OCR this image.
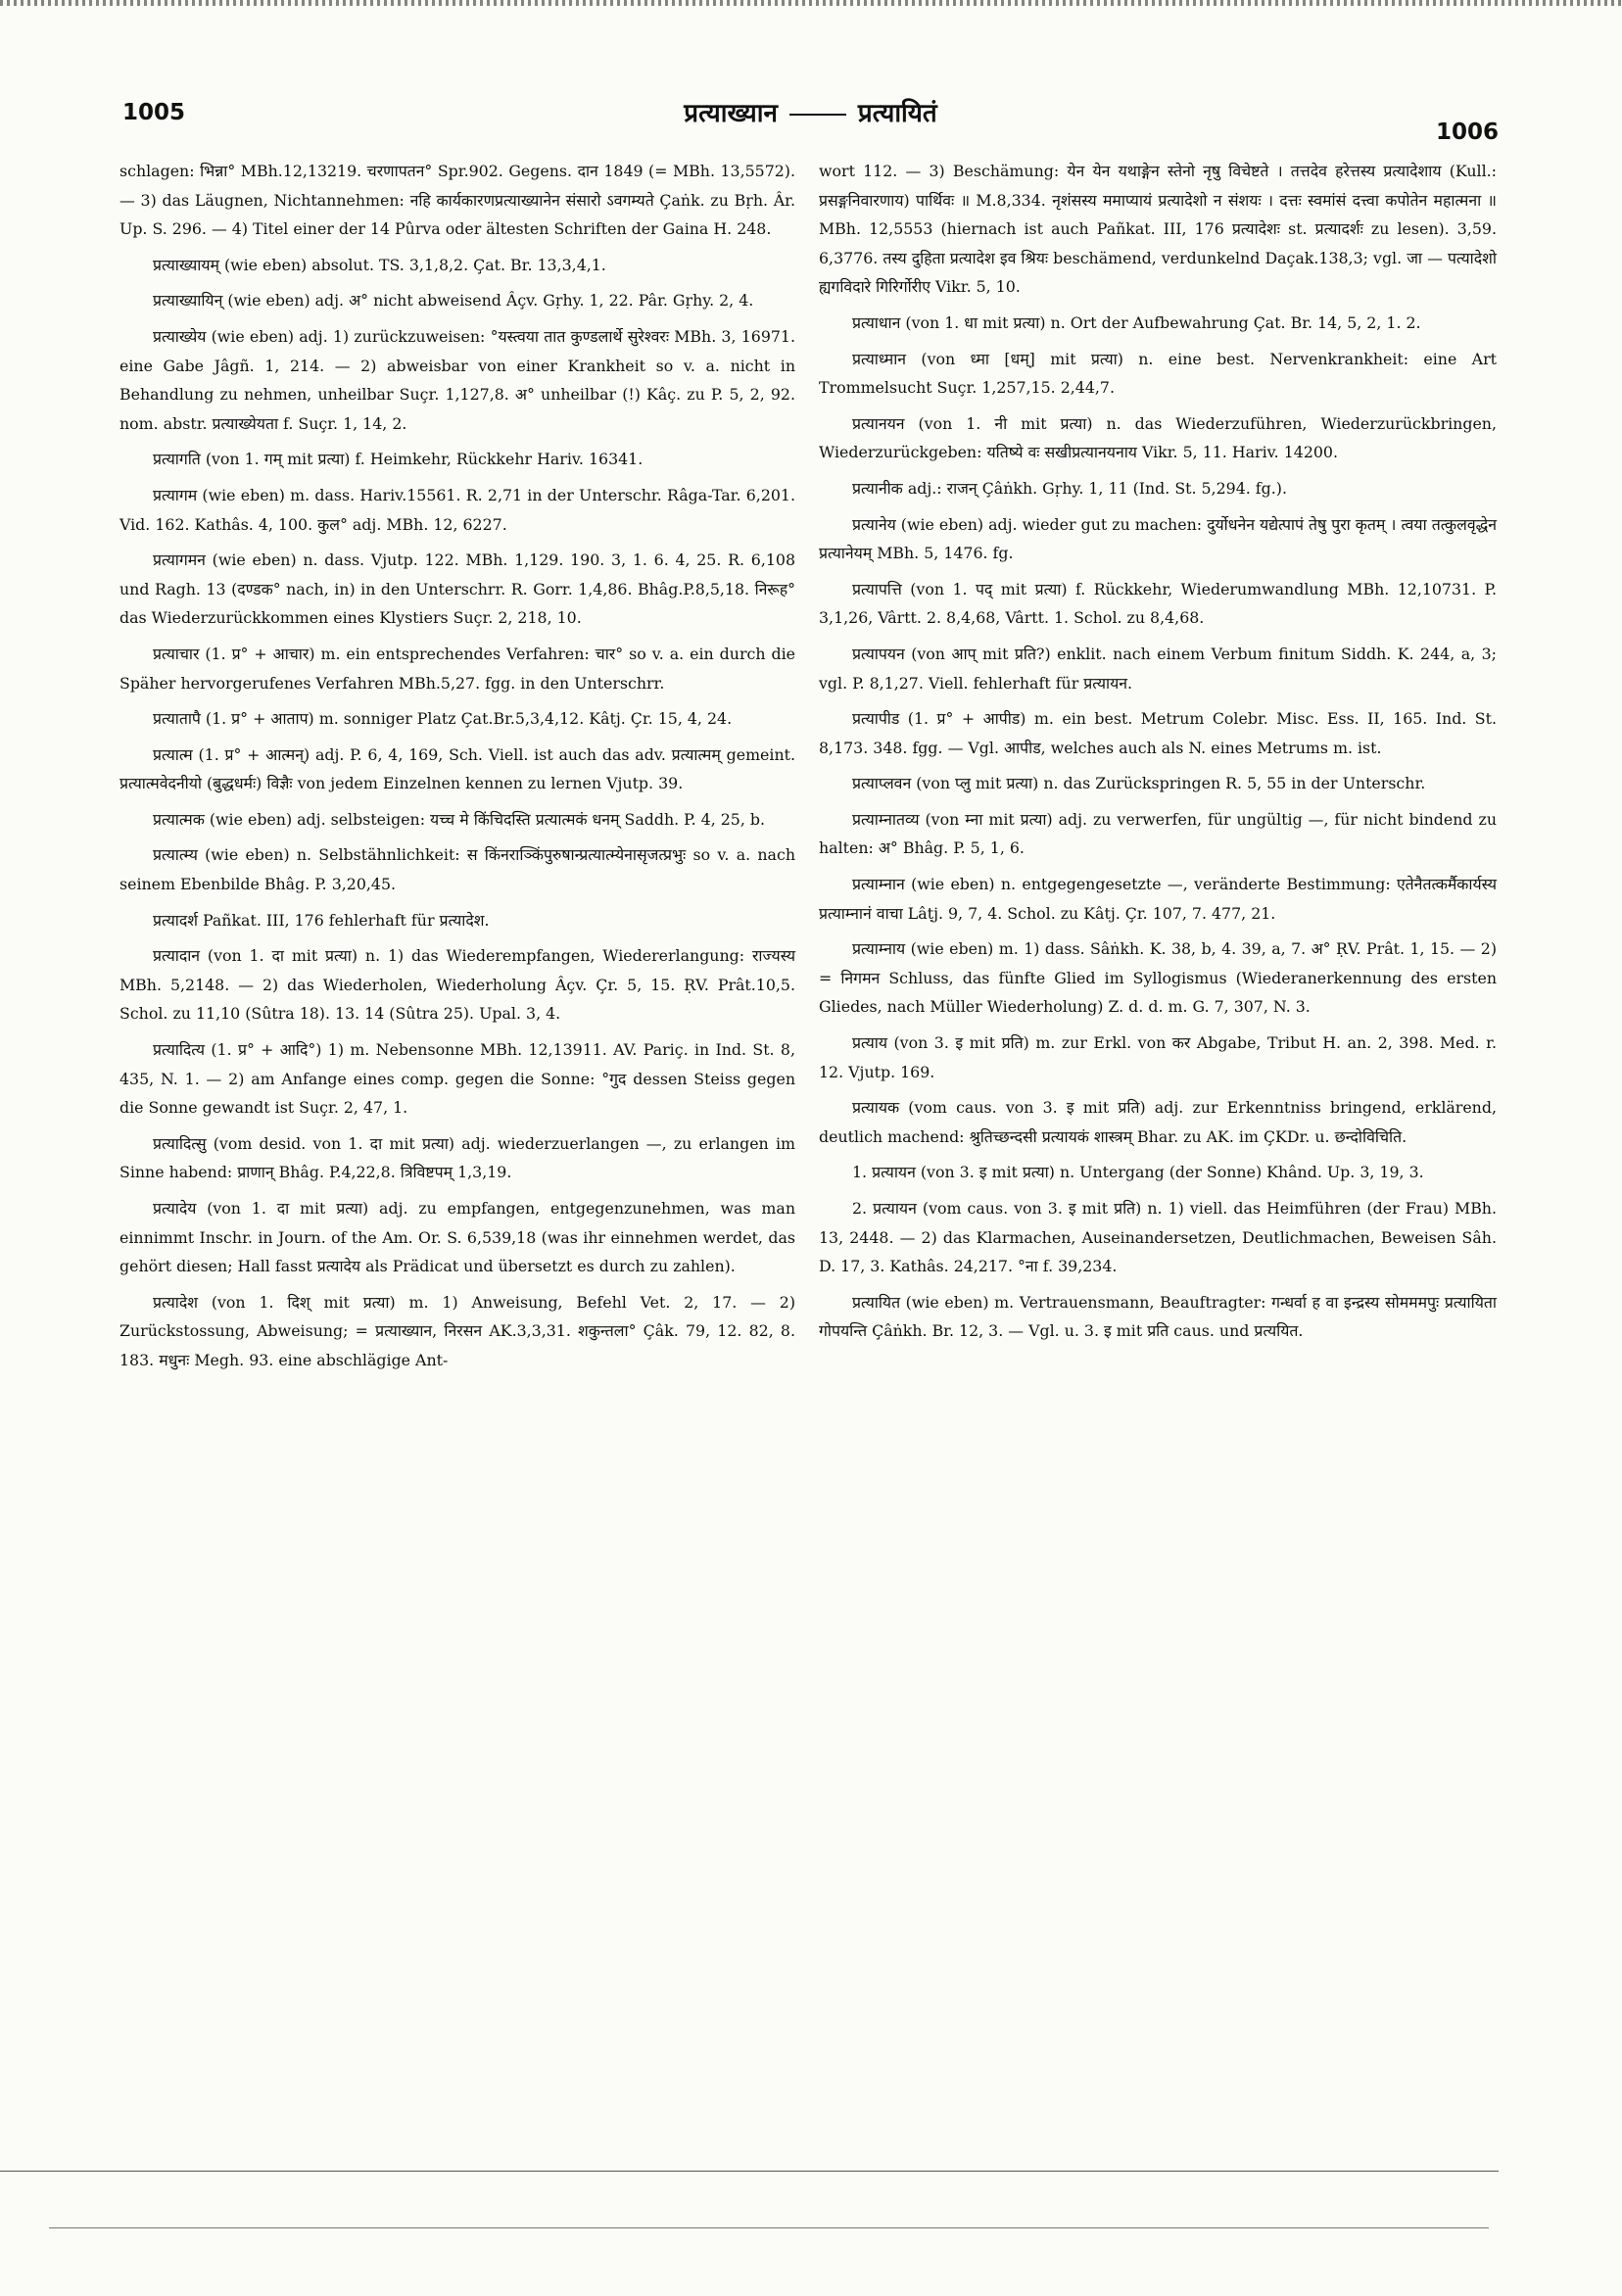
1005	प्रत्याख्यान	प्रत्यायितं
1006

schlagen: भिन्ना° MBh.12,13219. चरणापतन° Spr.902. Gegens. दान 1849 (= MBh. 13,5572). — 3) das Läugnen, Nichtannehmen: नहि कार्यकारणप्रत्याख्यानेन संसारो ऽवगम्यते Çaṅk. zu Bṛh. Âr. Up. S. 296. — 4) Titel einer der 14 Pûrva oder ältesten Schriften der Gaina H. 248.

प्रत्याख्यायम् (wie eben) absolut. TS. 3,1,8,2. Çat. Br. 13,3,4,1.

प्रत्याख्यायिन् (wie eben) adj. अ° nicht abweisend Âçv. Gṛhy. 1, 22. Pâr. Gṛhy. 2, 4.

प्रत्याख्येय (wie eben) adj. 1) zurückzuweisen: °यस्त्वया तात कुण्डलार्थे सुरेश्वरः MBh. 3, 16971. eine Gabe Jâgñ. 1, 214. — 2) abweisbar von einer Krankheit so v. a. nicht in Behandlung zu nehmen, unheilbar Suçr. 1,127,8. अ° unheilbar (!) Kâç. zu P. 5, 2, 92. nom. abstr. प्रत्याख्येयता f. Suçr. 1, 14, 2.

प्रत्यागति (von 1. गम् mit प्रत्या) f. Heimkehr, Rückkehr Hariv. 16341.

प्रत्यागम (wie eben) m. dass. Hariv.15561. R. 2,71 in der Unterschr. Râga-Tar. 6,201. Vid. 162. Kathâs. 4, 100. कुल° adj. MBh. 12, 6227.

प्रत्यागमन (wie eben) n. dass. Vjutp. 122. MBh. 1,129. 190. 3, 1. 6. 4, 25. R. 6,108 und Ragh. 13 (दण्डक° nach, in) in den Unterschrr. R. Gorr. 1,4,86. Bhâg.P.8,5,18. निरूह° das Wiederzurückkommen eines Klystiers Suçr. 2, 218, 10.

प्रत्याचार (1. प्र° + आचार) m. ein entsprechendes Verfahren: चार° so v. a. ein durch die Späher hervorgerufenes Verfahren MBh.5,27. fgg. in den Unterschrr.

प्रत्यातापै (1. प्र° + आताप) m. sonniger Platz Çat.Br.5,3,4,12. Kâtj. Çr. 15, 4, 24.

प्रत्यात्म (1. प्र° + आत्मन्) adj. P. 6, 4, 169, Sch. Viell. ist auch das adv. प्रत्यात्मम् gemeint. प्रत्यात्मवेदनीयो (बुद्धधर्मः) विज्ञैः von jedem Einzelnen kennen zu lernen Vjutp. 39.

प्रत्यात्मक (wie eben) adj. selbsteigen: यच्च मे किंचिदस्ति प्रत्यात्मकं धनम् Saddh. P. 4, 25, b.

प्रत्यात्म्य (wie eben) n. Selbstähnlichkeit: स किंनराञ्किंपुरुषान्प्रत्यात्म्येनासृजत्प्रभुः so v. a. nach seinem Ebenbilde Bhâg. P. 3,20,45.

प्रत्यादर्श Pañkat. III, 176 fehlerhaft für प्रत्यादेश.

प्रत्यादान (von 1. दा mit प्रत्या) n. 1) das Wiederempfangen, Wiedererlangung: राज्यस्य MBh. 5,2148. — 2) das Wiederholen, Wiederholung Âçv. Çr. 5, 15. ṚV. Prât.10,5. Schol. zu 11,10 (Sûtra 18). 13. 14 (Sûtra 25). Upal. 3, 4.

प्रत्यादित्य (1. प्र° + आदि°) 1) m. Nebensonne MBh. 12,13911. AV. Pariç. in Ind. St. 8, 435, N. 1. — 2) am Anfange eines comp. gegen die Sonne: °गुद dessen Steiss gegen die Sonne gewandt ist Suçr. 2, 47, 1.

प्रत्यादित्सु (vom desid. von 1. दा mit प्रत्या) adj. wiederzuerlangen —, zu erlangen im Sinne habend: प्राणान् Bhâg. P.4,22,8. त्रिविष्टपम् 1,3,19.

प्रत्यादेय (von 1. दा mit प्रत्या) adj. zu empfangen, entgegenzunehmen, was man einnimmt Inschr. in Journ. of the Am. Or. S. 6,539,18 (was ihr einnehmen werdet, das gehört diesen; Hall fasst प्रत्यादेय als Prädicat und übersetzt es durch zu zahlen).

प्रत्यादेश (von 1. दिश् mit प्रत्या) m. 1) Anweisung, Befehl Vet. 2, 17. — 2) Zurückstossung, Abweisung; = प्रत्याख्यान, निरसन AK.3,3,31. शकुन्तला° Çâk. 79, 12. 82, 8. 183. मधुनः Megh. 93. eine abschlägige Ant-

wort 112. — 3) Beschämung: येन येन यथाङ्गेन स्तेनो नृषु विचेष्टते । तत्तदेव हरेत्तस्य प्रत्यादेशाय (Kull.: प्रसङ्गनिवारणाय) पार्थिवः ॥ M.8,334. नृशंसस्य ममाप्यायं प्रत्यादेशो न संशयः । दत्तः स्वमांसं दत्त्वा कपोतेन महात्मना ॥ MBh. 12,5553 (hiernach ist auch Pañkat. III, 176 प्रत्यादेशः st. प्रत्यादर्शः zu lesen). 3,59. 6,3776. तस्य दुहिता प्रत्यादेश इव श्रियः beschämend, verdunkelnd Daçak.138,3; vgl. जा — पत्यादेशो ह्यगविदारे गिरिर्गोरीए Vikr. 5, 10.

प्रत्याधान (von 1. धा mit प्रत्या) n. Ort der Aufbewahrung Çat. Br. 14, 5, 2, 1. 2.

प्रत्याध्मान (von ध्मा [धम्] mit प्रत्या) n. eine best. Nervenkrankheit: eine Art Trommelsucht Suçr. 1,257,15. 2,44,7.

प्रत्यानयन (von 1. नी mit प्रत्या) n. das Wiederzuführen, Wiederzurückbringen, Wiederzurückgeben: यतिष्ये वः सखीप्रत्यानयनाय Vikr. 5, 11. Hariv. 14200.

प्रत्यानीक adj.: राजन् Çâṅkh. Gṛhy. 1, 11 (Ind. St. 5,294. fg.).

प्रत्यानेय (wie eben) adj. wieder gut zu machen: दुर्योधनेन यद्येत्पापं तेषु पुरा कृतम् । त्वया तत्कुलवृद्धेन प्रत्यानेयम् MBh. 5, 1476. fg.

प्रत्यापत्ति (von 1. पद् mit प्रत्या) f. Rückkehr, Wiederumwandlung MBh. 12,10731. P. 3,1,26, Vârtt. 2. 8,4,68, Vârtt. 1. Schol. zu 8,4,68.

प्रत्यापयन (von आप् mit प्रति?) enklit. nach einem Verbum finitum Siddh. K. 244, a, 3; vgl. P. 8,1,27. Viell. fehlerhaft für प्रत्यायन.

प्रत्यापीड (1. प्र° + आपीड) m. ein best. Metrum Colebr. Misc. Ess. II, 165. Ind. St. 8,173. 348. fgg. — Vgl. आपीड, welches auch als N. eines Metrums m. ist.

प्रत्याप्लवन (von प्लु mit प्रत्या) n. das Zurückspringen R. 5, 55 in der Unterschr.

प्रत्याम्नातव्य (von म्ना mit प्रत्या) adj. zu verwerfen, für ungültig —, für nicht bindend zu halten: अ° Bhâg. P. 5, 1, 6.

प्रत्याम्नान (wie eben) n. entgegengesetzte —, veränderte Bestimmung: एतेनैतत्कर्मैकार्यस्य प्रत्याम्नानं वाचा Lâṭj. 9, 7, 4. Schol. zu Kâtj. Çr. 107, 7. 477, 21.

प्रत्याम्नाय (wie eben) m. 1) dass. Sâṅkh. K. 38, b, 4. 39, a, 7. अ° ṚV. Prât. 1, 15. — 2) = निगमन Schluss, das fünfte Glied im Syllogismus (Wiederanerkennung des ersten Gliedes, nach Müller Wiederholung) Z. d. d. m. G. 7, 307, N. 3.

प्रत्याय (von 3. इ mit प्रति) m. zur Erkl. von कर Abgabe, Tribut H. an. 2, 398. Med. r. 12. Vjutp. 169.

प्रत्यायक (vom caus. von 3. इ mit प्रति) adj. zur Erkenntniss bringend, erklärend, deutlich machend: श्रुतिच्छन्दसी प्रत्यायकं शास्त्रम् Bhar. zu AK. im ÇKDr. u. छन्दोविचिति.

1. प्रत्यायन (von 3. इ mit प्रत्या) n. Untergang (der Sonne) Khând. Up. 3, 19, 3.

2. प्रत्यायन (vom caus. von 3. इ mit प्रति) n. 1) viell. das Heimführen (der Frau) MBh. 13, 2448. — 2) das Klarmachen, Auseinandersetzen, Deutlichmachen, Beweisen Sâh. D. 17, 3. Kathâs. 24,217. °ना f. 39,234.

प्रत्यायित (wie eben) m. Vertrauensmann, Beauftragter: गन्धर्वा ह वा इन्द्रस्य सोमममपुः प्रत्यायिता गोपयन्ति Çâṅkh. Br. 12, 3. — Vgl. u. 3. इ mit प्रति caus. und प्रत्ययित.
